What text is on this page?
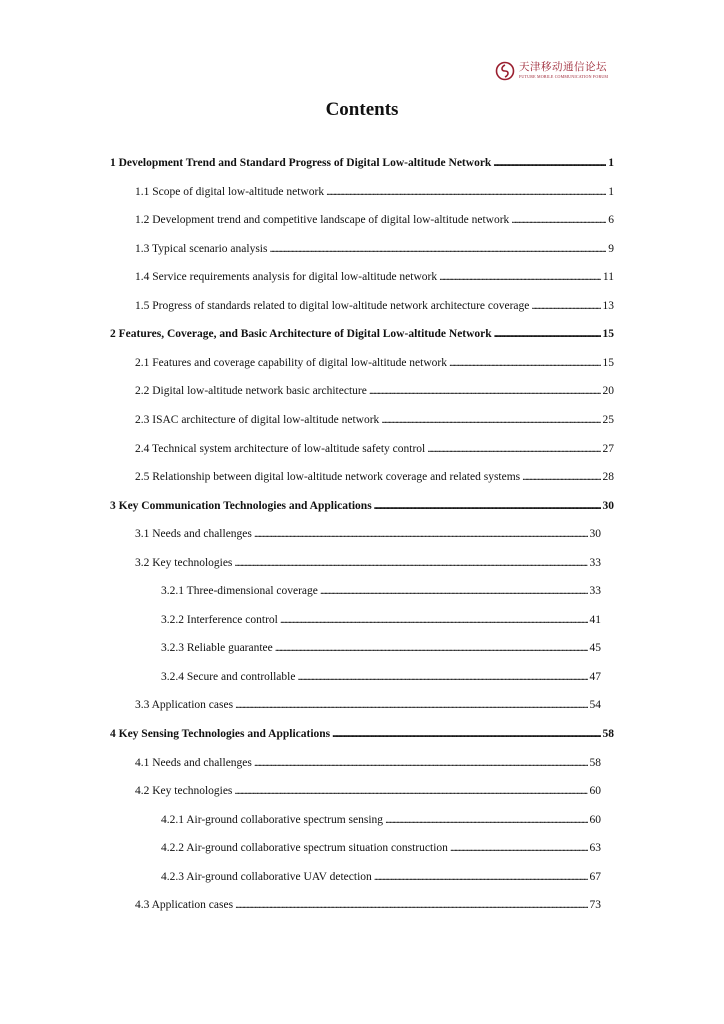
天津移动通信论坛
FUTURE MOBILE COMMUNICATION FORUM
Contents
1 Development Trend and Standard Progress of Digital Low-altitude Network . . .	1
1.1 Scope of digital low-altitude network . . .	1
1.2 Development trend and competitive landscape of digital low-altitude network . . .	6
1.3 Typical scenario analysis . . .	9
1.4 Service requirements analysis for digital low-altitude network . . .	11
1.5 Progress of standards related to digital low-altitude network architecture coverage . . .	13
2 Features, Coverage, and Basic Architecture of Digital Low-altitude Network . . .	15
2.1 Features and coverage capability of digital low-altitude network . . .	15
2.2 Digital low-altitude network basic architecture . . .	20
2.3 ISAC architecture of digital low-altitude network . . .	25
2.4 Technical system architecture of low-altitude safety control . . .	27
2.5 Relationship between digital low-altitude network coverage and related systems . . .	28
3 Key Communication Technologies and Applications . . .	30
3.1 Needs and challenges . . .	30
3.2 Key technologies . . .	33
3.2.1 Three-dimensional coverage . . .	33
3.2.2 Interference control . . .	41
3.2.3 Reliable guarantee . . .	45
3.2.4 Secure and controllable . . .	47
3.3 Application cases . . .	54
4 Key Sensing Technologies and Applications . . .	58
4.1 Needs and challenges . . .	58
4.2 Key technologies . . .	60
4.2.1 Air-ground collaborative spectrum sensing . . .	60
4.2.2 Air-ground collaborative spectrum situation construction . . .	63
4.2.3 Air-ground collaborative UAV detection . . .	67
4.3 Application cases . . .	73
